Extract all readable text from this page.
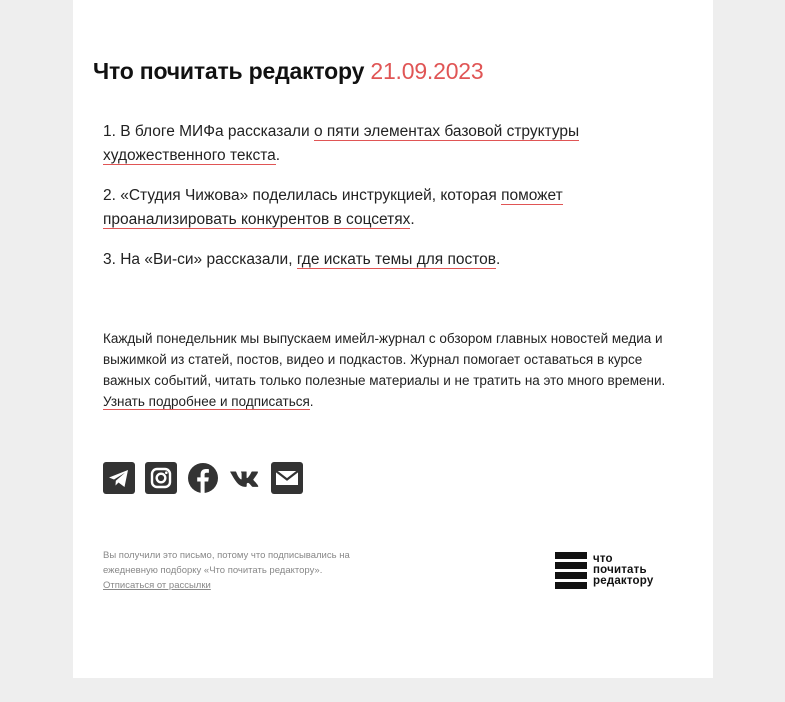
Что почитать редактору 21.09.2023
1. В блоге МИФа рассказали о пяти элементах базовой структуры художественного текста.
2. «Студия Чижова» поделилась инструкцией, которая поможет проанализировать конкурентов в соцсетях.
3. На «Ви-си» рассказали, где искать темы для постов.

Каждый понедельник мы выпускаем имейл-журнал с обзором главных новостей медиа и выжимкой из статей, постов, видео и подкастов. Журнал помогает оставаться в курсе важных событий, читать только полезные материалы и не тратить на это много времени. Узнать подробнее и подписаться.

Вы получили это письмо, потому что подписывались на ежедневную подборку «Что почитать редактору».
Отписаться от рассылки

что
почитать
редактору
